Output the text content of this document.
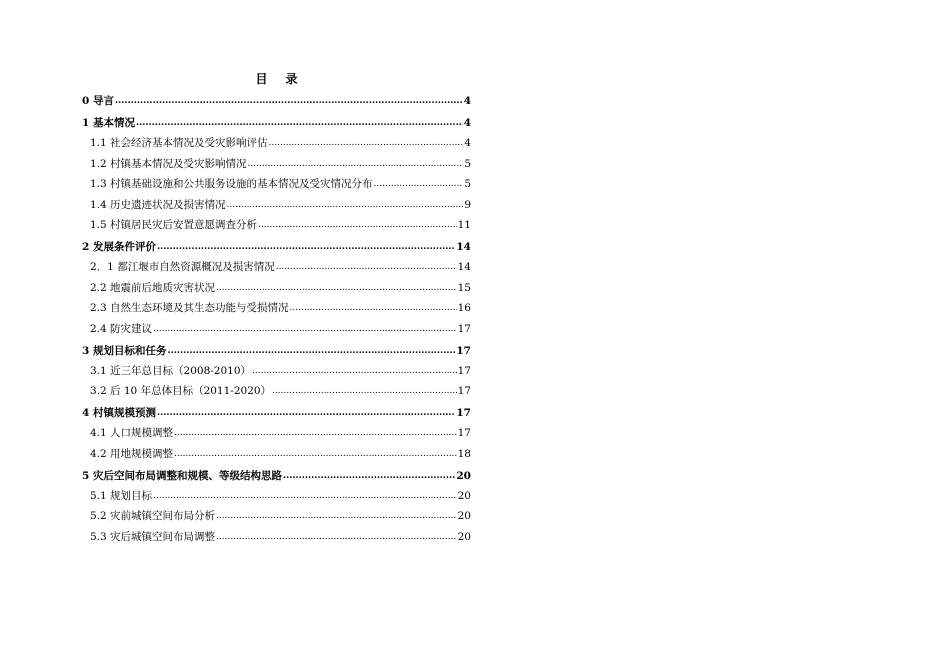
目 录
0 导言 .....	4
1 基本情况 .....	4
1.1 社会经济基本情况及受灾影响评估 .....	4
1.2 村镇基本情况及受灾影响情况 .....	5
1.3 村镇基础设施和公共服务设施的基本情况及受灾情况分布 .....	5
1.4 历史遗迹状况及损害情况 .....	9
1.5 村镇居民灾后安置意愿调查分析 .....	11
2 发展条件评价 .....	14
2．1 都江堰市自然资源概况及损害情况 .....	14
2.2 地震前后地质灾害状况 .....	15
2.3 自然生态环境及其生态功能与受损情况 .....	16
2.4 防灾建议 .....	17
3 规划目标和任务 .....	17
3.1 近三年总目标（2008-2010） .....	17
3.2 后 10 年总体目标（2011-2020） .....	17
4 村镇规模预测 .....	17
4.1 人口规模调整 .....	17
4.2 用地规模调整 .....	18
5 灾后空间布局调整和规模、等级结构思路 .....	20
5.1 规划目标 .....	20
5.2 灾前城镇空间布局分析 .....	20
5.3 灾后城镇空间布局调整 .....	20
